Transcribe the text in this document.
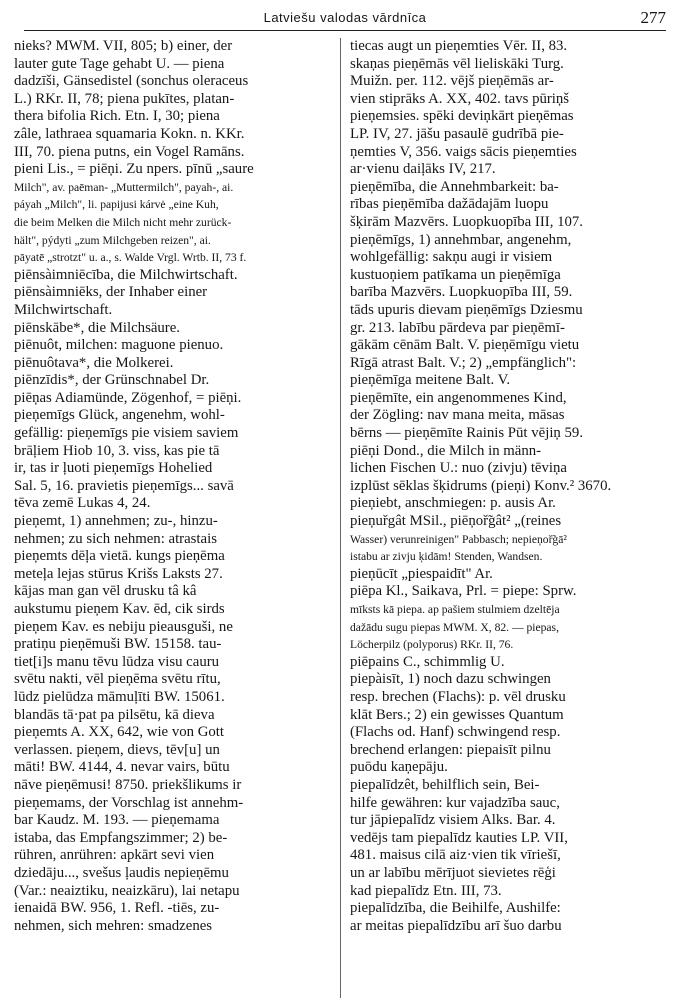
Latviešu valodas vārdnīca	277
nieks? MWM. VII, 805; b) einer, der
lauter gute Tage gehabt U. — piena
dadzīši, Gänsedistel (sonchus oleraceus
L.) RKr. II, 78; piena pukītes, platan-
thera bifolia Rich. Etn. I, 30; piena
zâle, lathraea squamaria Kokn. n. KKr.
III, 70. piena putns, ein Vogel Ramāns.
pieni Lis., = piēņi. Zu npers. pīnū „saure
Milch", av. paēman- „Muttermilch", payah-, ai.
páyah „Milch", li. papijusi kárvė „eine Kuh,
die beim Melken die Milch nicht mehr zurück-
hält", pýdyti „zum Milchgeben reizen", ai.
pāyatē „strotzt" u. a., s. Walde Vrgl. Wrtb. II, 73 f.
piēnsàimniēcība, die Milchwirtschaft.
piēnsàimniēks, der Inhaber einer
Milchwirtschaft.
piēnskābe*, die Milchsäure.
piēnuôt, milchen: maguone pienuo.
piēnuôtava*, die Molkerei.
piēnzīdis*, der Grünschnabel Dr.
piēņas Adiamünde, Zögenhof, = piēņi.
pieņemīgs Glück, angenehm, wohl-
gefällig: pieņemīgs pie visiem saviem
brāļiem Hiob 10, 3. viss, kas pie tā
ir, tas ir ļuoti pieņemīgs Hohelied
Sal. 5, 16. pravietis pieņemīgs... savā
tēva zemē Lukas 4, 24.
pieņemt, 1) annehmen; zu-, hinzu-
nehmen; zu sich nehmen: atrastais
pieņemts dēļa vietā. kungs pieņēma
meteļa lejas stūrus Krišs Laksts 27.
kājas man gan vēl drusku tâ kâ
aukstumu pieņem Kav. ēd, cik sirds
pieņem Kav. es nebiju pieausguši, ne
pratiņu pieņēmuši BW. 15158. tau-
tiet[i]s manu tēvu lūdza visu cauru
svētu nakti, vēl pieņēma svētu rītu,
lūdz pielūdza māmuļīti BW. 15061.
blandās tā·pat pa pilsētu, kā dieva
pieņemts A. XX, 642, wie von Gott
verlassen. pieņem, dievs, tēv[u] un
māti! BW. 4144, 4. nevar vairs, būtu
nāve pieņēmusi! 8750. priekšlikums ir
pieņemams, der Vorschlag ist annehm-
bar Kaudz. M. 193. — pieņemama
istaba, das Empfangszimmer; 2) be-
rühren, anrühren: apkārt sevi vien
dziedāju..., svešus ļaudis nepieņēmu
(Var.: neaiztiku, neaizkāru), lai netapu
ienaidā BW. 956, 1. Refl. -tiēs, zu-
nehmen, sich mehren: smadzenes
tiecas augt un pieņemties Vēr. II, 83.
skaņas pieņēmās vēl lieliskāki Turg.
Muižn. per. 112. vējš pieņēmās ar-
vien stiprāks A. XX, 402. tavs pūriņš
pieņemsies. spēki deviņkārt pieņēmas
LP. IV, 27. jāšu pasaulē gudrībā pie-
ņemties V, 356. vaigs sācis pieņemties
ar·vienu daiļāks IV, 217.
pieņēmība, die Annehmbarkeit: ba-
rības pieņēmība dažādajām luopu
šķirām Mazvērs. Luopkuopība III, 107.
pieņēmīgs, 1) annehmbar, angenehm,
wohlgefällig: sakņu augi ir visiem
kustuoņiem patīkama un pieņēmīga
barība Mazvērs. Luopkuopība III, 59.
tāds upuris dievam pieņēmīgs Dziesmu
gr. 213. labību pārdeva par pieņēmī-
gākām cēnām Balt. V. pieņēmīgu vietu
Rīgā atrast Balt. V.; 2) „empfänglich":
pieņēmīga meitene Balt. V.
pieņēmīte, ein angenommenes Kind,
der Zögling: nav mana meita, māsas
bērns — pieņēmīte Rainis Pūt vējiņ 59.
piēņi Dond., die Milch in männ-
lichen Fischen U.: nuo (zivju) tēviņa
izplūst sēklas šķidrums (pieņi) Konv.² 3670.
pieņiebt, anschmiegen: p. ausis Ar.
pieņuřgât MSil., piēņoř̃gât² „(reines
Wasser) verunreinigen" Pabbasch; nepieņoř̃gā²
istabu ar zivju ķidām! Stenden, Wandsen.
pieņūcīt „piespaidīt" Ar.
piēpa Kl., Saikava, Prl. = piepe: Sprw.
mīksts kā piepa. ap pašiem stulmiem dzeltēja
dažādu sugu piepas MWM. X, 82. — piepas,
Löcherpilz (polyporus) RKr. II, 76.
piēpains C., schimmlig U.
piepàisīt, 1) noch dazu schwingen
resp. brechen (Flachs): p. vēl drusku
klāt Bers.; 2) ein gewisses Quantum
(Flachs od. Hanf) schwingend resp.
brechend erlangen: piepaisīt pilnu
puōdu kaņepāju.
piepalīdzêt, behilflich sein, Bei-
hilfe gewähren: kur vajadzība sauc,
tur jāpiepalīdz visiem Alks. Bar. 4.
vedējs tam piepalīdz kauties LP. VII,
481. maisus cilā aiz·vien tik vīriešī,
un ar labību mērījuot sievietes rēģi
kad piepalīdz Etn. III, 73.
piepalīdzība, die Beihilfe, Aushilfe:
ar meitas piepalīdzību arī šuo darbu
